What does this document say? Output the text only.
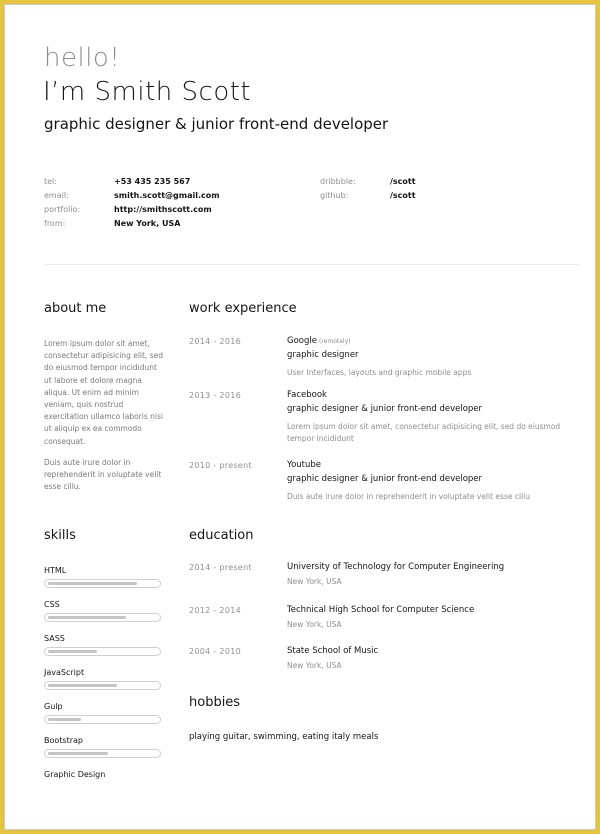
hello!
I’m Smith Scott
graphic designer & junior front-end developer
tel:	+53 435 235 567
email:	smith.scott@gmail.com
portfolio:	http://smithscott.com
from:	New York, USA
dribbble:	/scott
github:	/scott
about me

Lorem ipsum dolor sit amet, consectetur adipisicing elit, sed do eiusmod tempor incididunt ut labore et dolore magna aliqua. Ut enim ad minim veniam, quis nostrud exercitation ullamco laboris nisi ut aliquip ex ea commodo consequat.

Duis aute irure dolor in reprehenderit in voluptate velit esse cillu.

skills
HTML
CSS
SASS
JavaScript
Gulp
Bootstrap
Graphic Design
work experience
2014 - 2016	Google (remotely)
graphic designer
User Interfaces, layouts and graphic mobile apps
2013 - 2016	Facebook
graphic designer & junior front-end developer
Lorem ipsum dolor sit amet, consectetur adipisicing elit, sed do eiusmod tempor incididunt
2010 - present	Youtube
graphic designer & junior front-end developer
Duis aute irure dolor in reprehenderit in voluptate velit esse cillu
education
2014 - present	University of Technology for Computer Engineering
New York, USA
2012 - 2014	Technical High School for Computer Science
New York, USA
2004 - 2010	State School of Music
New York, USA
hobbies
playing guitar, swimming, eating italy meals
